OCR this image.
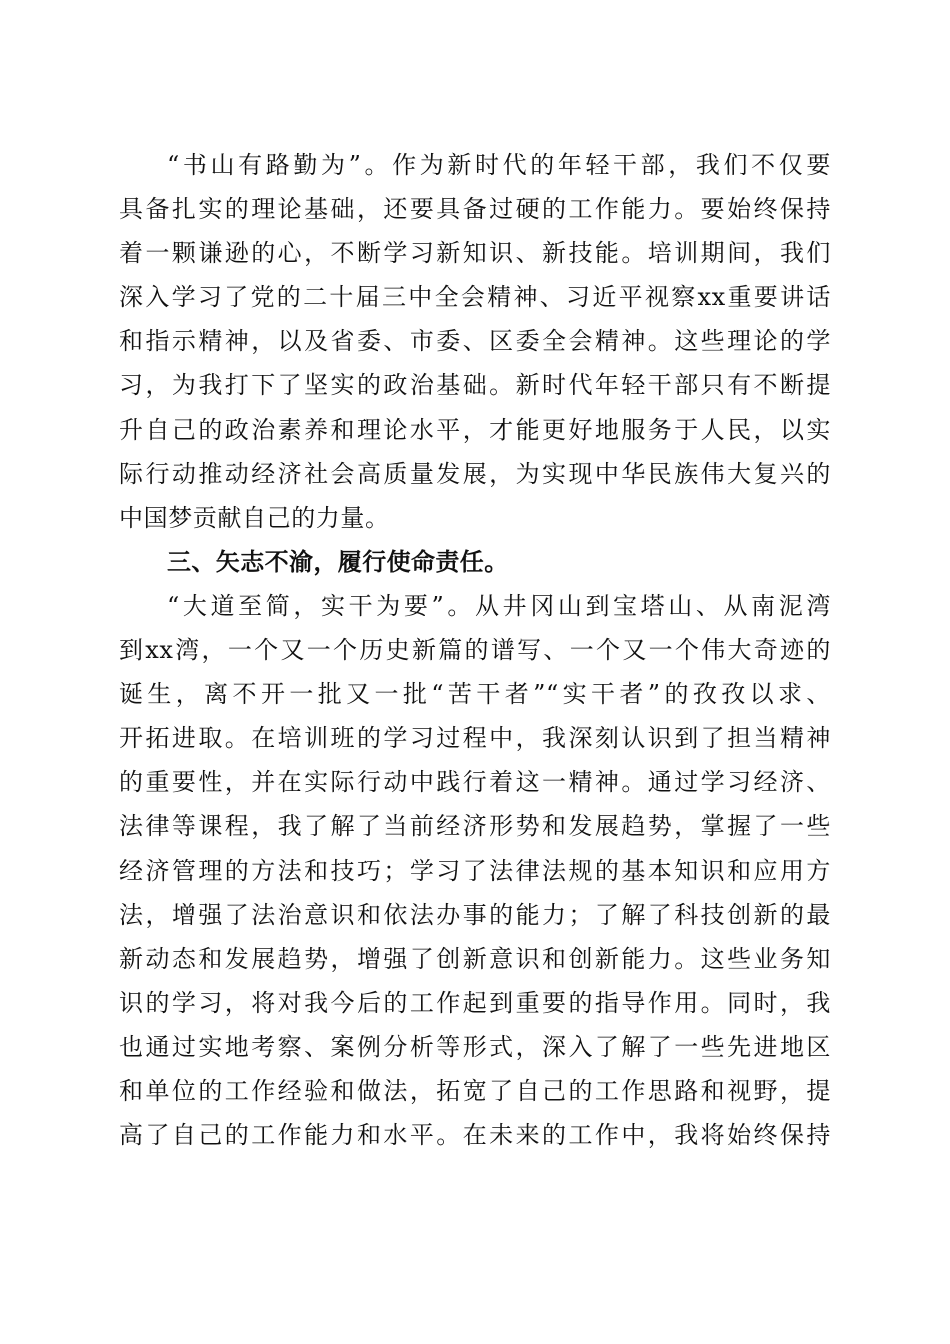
“书山有路勤为”。作为新时代的年轻干部，我们不仅要
具备扎实的理论基础，还要具备过硬的工作能力。要始终保持
着一颗谦逊的心，不断学习新知识、新技能。培训期间，我们
深入学习了党的二十届三中全会精神、习近平视察xx重要讲话
和指示精神，以及省委、市委、区委全会精神。这些理论的学
习，为我打下了坚实的政治基础。新时代年轻干部只有不断提
升自己的政治素养和理论水平，才能更好地服务于人民，以实
际行动推动经济社会高质量发展，为实现中华民族伟大复兴的
中国梦贡献自己的力量。
三、矢志不渝，履行使命责任。
“大道至简，实干为要”。从井冈山到宝塔山、从南泥湾
到xx湾，一个又一个历史新篇的谱写、一个又一个伟大奇迹的
诞生，离不开一批又一批“苦干者”“实干者”的孜孜以求、
开拓进取。在培训班的学习过程中，我深刻认识到了担当精神
的重要性，并在实际行动中践行着这一精神。通过学习经济、
法律等课程，我了解了当前经济形势和发展趋势，掌握了一些
经济管理的方法和技巧；学习了法律法规的基本知识和应用方
法，增强了法治意识和依法办事的能力；了解了科技创新的最
新动态和发展趋势，增强了创新意识和创新能力。这些业务知
识的学习，将对我今后的工作起到重要的指导作用。同时，我
也通过实地考察、案例分析等形式，深入了解了一些先进地区
和单位的工作经验和做法，拓宽了自己的工作思路和视野，提
高了自己的工作能力和水平。在未来的工作中，我将始终保持
